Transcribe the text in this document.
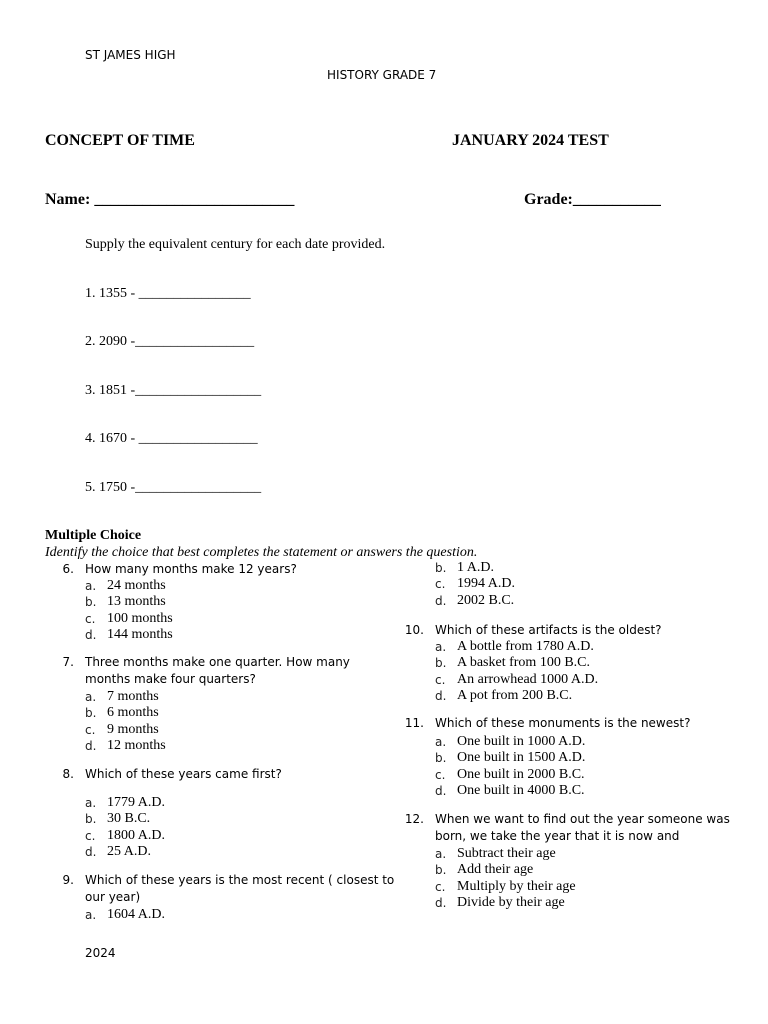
ST JAMES HIGH
HISTORY GRADE 7
CONCEPT OF TIME	JANUARY 2024 TEST
Name: _________________________	Grade:___________
Supply the equivalent century for each date provided.
1. 1355 - ________________
2. 2090 -_________________
3. 1851 -__________________
4. 1670 - _________________
5. 1750 -__________________
Multiple Choice
Identify the choice that best completes the statement or answers the question.
6. How many months make 12 years?
a. 24 months
b. 13 months
c. 100 months
d. 144 months
7. Three months make one quarter. How many
months make four quarters?
a. 7 months
b. 6 months
c. 9 months
d. 12 months
8. Which of these years came first?
a. 1779 A.D.
b. 30 B.C.
c. 1800 A.D.
d. 25 A.D.
9. Which of these years is the most recent ( closest to
our year)
a. 1604 A.D.
b. 1 A.D.
c. 1994 A.D.
d. 2002 B.C.
10. Which of these artifacts is the oldest?
a. A bottle from 1780 A.D.
b. A basket from 100 B.C.
c. An arrowhead 1000 A.D.
d. A pot from 200 B.C.
11. Which of these monuments is the newest?
a. One built in 1000 A.D.
b. One built in 1500 A.D.
c. One built in 2000 B.C.
d. One built in 4000 B.C.
12. When we want to find out the year someone was
born, we take the year that it is now and
a. Subtract their age
b. Add their age
c. Multiply by their age
d. Divide by their age
2024
